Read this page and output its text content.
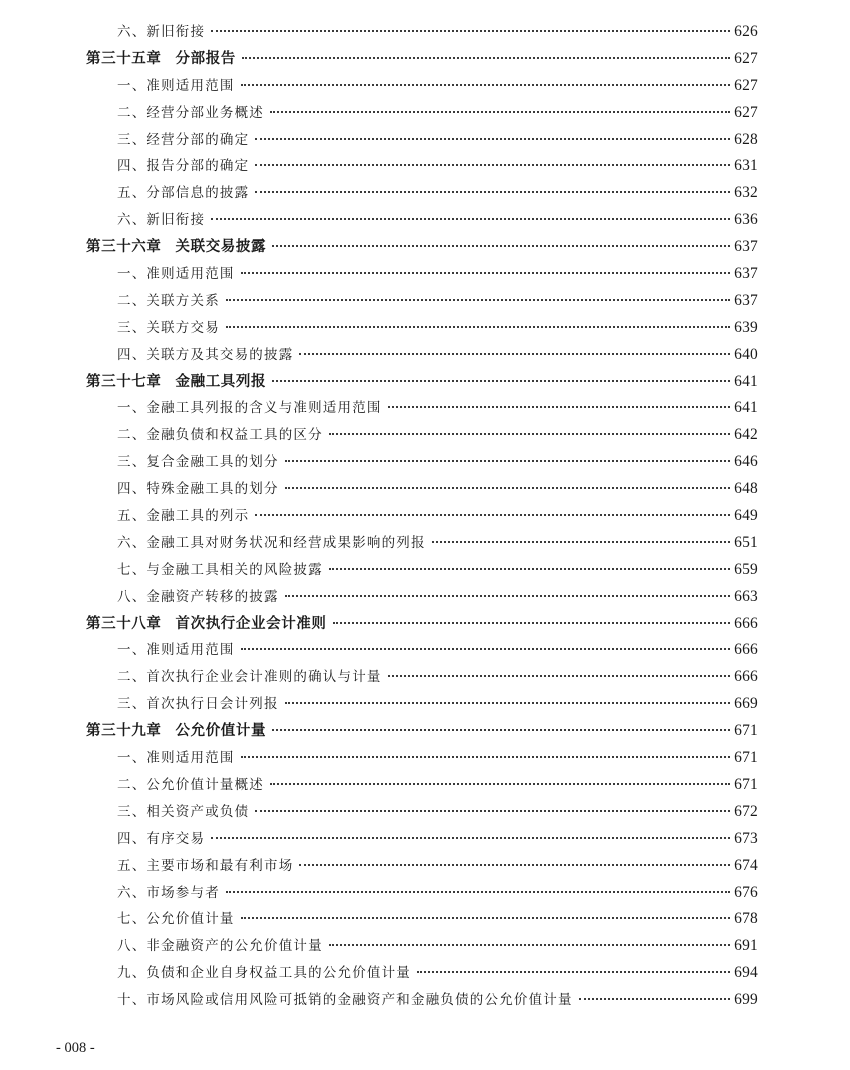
六、新旧衔接	626
第三十五章 分部报告	627
一、准则适用范围	627
二、经营分部业务概述	627
三、经营分部的确定	628
四、报告分部的确定	631
五、分部信息的披露	632
六、新旧衔接	636
第三十六章 关联交易披露	637
一、准则适用范围	637
二、关联方关系	637
三、关联方交易	639
四、关联方及其交易的披露	640
第三十七章 金融工具列报	641
一、金融工具列报的含义与准则适用范围	641
二、金融负债和权益工具的区分	642
三、复合金融工具的划分	646
四、特殊金融工具的划分	648
五、金融工具的列示	649
六、金融工具对财务状况和经营成果影响的列报	651
七、与金融工具相关的风险披露	659
八、金融资产转移的披露	663
第三十八章 首次执行企业会计准则	666
一、准则适用范围	666
二、首次执行企业会计准则的确认与计量	666
三、首次执行日会计列报	669
第三十九章 公允价值计量	671
一、准则适用范围	671
二、公允价值计量概述	671
三、相关资产或负债	672
四、有序交易	673
五、主要市场和最有利市场	674
六、市场参与者	676
七、公允价值计量	678
八、非金融资产的公允价值计量	691
九、负债和企业自身权益工具的公允价值计量	694
十、市场风险或信用风险可抵销的金融资产和金融负债的公允价值计量	699
- 008 -
